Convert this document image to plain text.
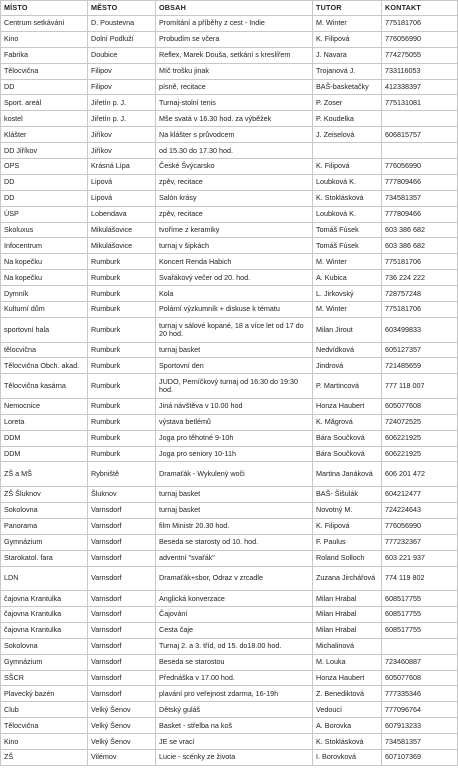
MÍSTO	MĚSTO	OBSAH	TUTOR	KONTAKT
Centrum setkávání	D. Poustevna	Promítání a příběhy z cest - Indie	M. Winter	775181706
Kino	Dolní Podluží	Probudím se včera	K. Filipová	776056990
Fabrika	Doubice	Reflex, Marek Douša, setkání s kreslířem	J. Navara	774275055
Tělocvična	Filipov	Míč trošku jinak	Trojanová J.	733116053
DD	Filipov	písně, recitace	BAŠ-basketačky	412338397
Sport. areál	Jiřetín p. J.	Turnaj-stolní tenis	P. Zoser	775131081
kostel	Jiřetín p. J.	Mše svatá v 16.30 hod. za výběžek	P. Koudelka	
Klášter	Jiříkov	Na klášter s průvodcem	J. Zeiselová	606815757
DD Jiříkov	Jiříkov	od 15.30 do 17.30 hod.		
OPS	Krásná Lípa	České Švýcarsko	K. Filipová	776056990
DD	Lipová	zpěv, recitace	Loubková K.	777809466
DD	Lipová	Salón krásy	K. Stoklásková	734581357
ÚSP	Lobendava	zpěv, recitace	Loubková K.	777809466
Skoluxus	Mikulášovice	tvoříme z keramiky	Tomáš Fúsek	603 386 682
Infocentrum	Mikulášovice	turnaj v šipkách	Tomáš Fúsek	603 386 682
Na kopečku	Rumburk	Koncert Renda Habich	M. Winter	775181706
Na kopečku	Rumburk	Svařákový večer od 20. hod.	A. Kubica	736 224 222
Dymník	Rumburk	Kola	L. Jirkovský	728757248
Kulturní dům	Rumburk	Polární výzkumník + diskuse k tématu	M. Winter	775181706
sportovní hala	Rumburk	turnaj v sálové kopané, 18 a více let od 17 do 20 hod.	Milan Jirout	603499833
tělocvična	Rumburk	turnaj basket	Nedvídková	605127357
Tělocvična Obch. akad.	Rumburk	Sportovní den	Jindrová	721485659
Tělocvična kasárna	Rumburk	JUDO, Perníčkový turnaj od 16:30 do 19:30 hod.	P. Martincová	777 118 007
Nemocnice	Rumburk	Jiná návštěva v 10.00 hod	Honza Haubert	605077608
Loreta	Rumburk	výstava betlémů	K. Măgrová	724072525
DDM	Rumburk	Joga pro těhotné 9-10h	Bára Součková	606221925
DDM	Rumburk	Joga pro seniory 10-11h	Bára Součková	606221925
ZŠ a MŠ	Rybniště	Dramaťák - Wykulený woči	Martina Janáková	606 201 472
ZŠ Šluknov	Šluknov	turnaj basket	BAŠ- Šišulák	604212477
Sokolovna	Varnsdorf	turnaj basket	Novotný M.	724224643
Panorama	Varnsdorf	film Ministr 20.30 hod.	K. Filipová	776056990
Gymnázium	Varnsdorf	Beseda se starosty od 10. hod.	F. Paulus	777232367
Starokatol. fara	Varnsdorf	adventní "svařák"	Roland Solloch	603 221 937
LDN	Varnsdorf	Dramaťák+sbor, Odraz v zrcadle	Zuzana Jirchářová	774 119 802
čajovna Krantulka	Varnsdorf	Anglická konverzace	Milan Hrabal	608517755
čajovna Krantulka	Varnsdorf	Čajování	Milan Hrabal	608517755
čajovna Krantulka	Varnsdorf	Cesta čaje	Milan Hrabal	608517755
Sokolovna	Varnsdorf	Turnaj 2. a 3. tříd, od 15. do18.00 hod.	Michalinová	
Gymnázium	Varnsdorf	Beseda se starostou	M. Louka	723460887
SŠCR	Varnsdorf	Přednáška v 17.00 hod.	Honza Haubert	605077608
Plavecký bazén	Varnsdorf	plavání pro veřejnost zdarma, 16-19h	Z. Benediktová	777335346
Club	Velký Šenov	Dětský guláš	Vedoucí	777096764
Tělocvična	Velký Šenov	Basket - střelba na koš	A. Borovka	607913233
Kino	Velký Šenov	JE se vrací	K. Stoklásková	734581357
ZŠ	Vilémov	Lucie - scénky ze života	I. Borovková	607107369
